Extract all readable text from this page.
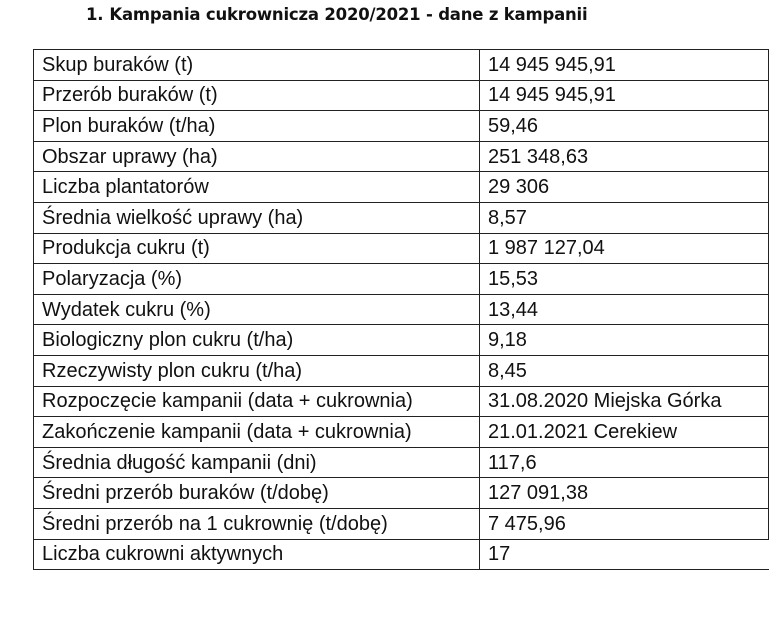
1. Kampania cukrownicza 2020/2021 - dane z kampanii
Skup buraków (t)	14 945 945,91
Przerób buraków (t)	14 945 945,91
Plon buraków (t/ha)	59,46
Obszar uprawy (ha)	251 348,63
Liczba plantatorów	29 306
Średnia wielkość uprawy (ha)	8,57
Produkcja cukru (t)	1 987 127,04
Polaryzacja (%)	15,53
Wydatek cukru (%)	13,44
Biologiczny plon cukru (t/ha)	9,18
Rzeczywisty plon cukru (t/ha)	8,45
Rozpoczęcie kampanii (data + cukrownia)	31.08.2020 Miejska Górka
Zakończenie kampanii (data + cukrownia)	21.01.2021 Cerekiew
Średnia długość kampanii (dni)	117,6
Średni przerób buraków (t/dobę)	127 091,38
Średni przerób na 1 cukrownię (t/dobę)	7 475,96
Liczba cukrowni aktywnych	17
